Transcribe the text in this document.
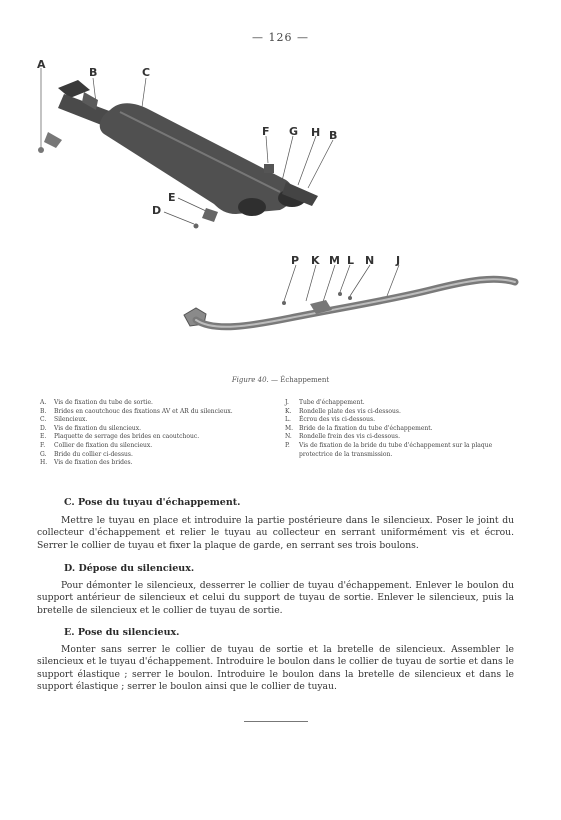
— 126 —
A
B	C
F G H B
D
E
P K M L N J
Figure 40. — Échappement
A.	Vis de fixation du tube de sortie.
B.	Brides en caoutchouc des fixations AV et AR du silencieux.
C.	Silencieux.
D.	Vis de fixation du silencieux.
E.	Plaquette de serrage des brides en caoutchouc.
F.	Collier de fixation du silencieux.
G.	Bride du collier ci-dessus.
H.	Vis de fixation des brides.
J.	Tube d'échappement.
K.	Rondelle plate des vis ci-dessous.
L.	Écrou des vis ci-dessous.
M. Bride de la fixation du tube d'échappement.
N.	Rondelle frein des vis ci-dessous.
P.	Vis de fixation de la bride du tube d'échappement sur la plaque protectrice de la transmission.
C. Pose du tuyau d'échappement.
Mettre le tuyau en place et introduire la partie postérieure dans le silencieux. Poser le joint du collecteur d'échappement et relier le tuyau au collecteur en serrant uniformément vis et écrou. Serrer le collier de tuyau et fixer la plaque de garde, en serrant ses trois boulons.
D. Dépose du silencieux.
Pour démonter le silencieux, desserrer le collier de tuyau d'échappement. Enlever le boulon du support antérieur de silencieux et celui du support de tuyau de sortie. Enlever le silencieux, puis la bretelle de silencieux et le collier de tuyau de sortie.
E. Pose du silencieux.
Monter sans serrer le collier de tuyau de sortie et la bretelle de silencieux. Assembler le silencieux et le tuyau d'échappement. Introduire le boulon dans le collier de tuyau de sortie et dans le support élastique ; serrer le boulon. Introduire le boulon dans la bretelle de silencieux et dans le support élastique ; serrer le boulon ainsi que le collier de tuyau.
